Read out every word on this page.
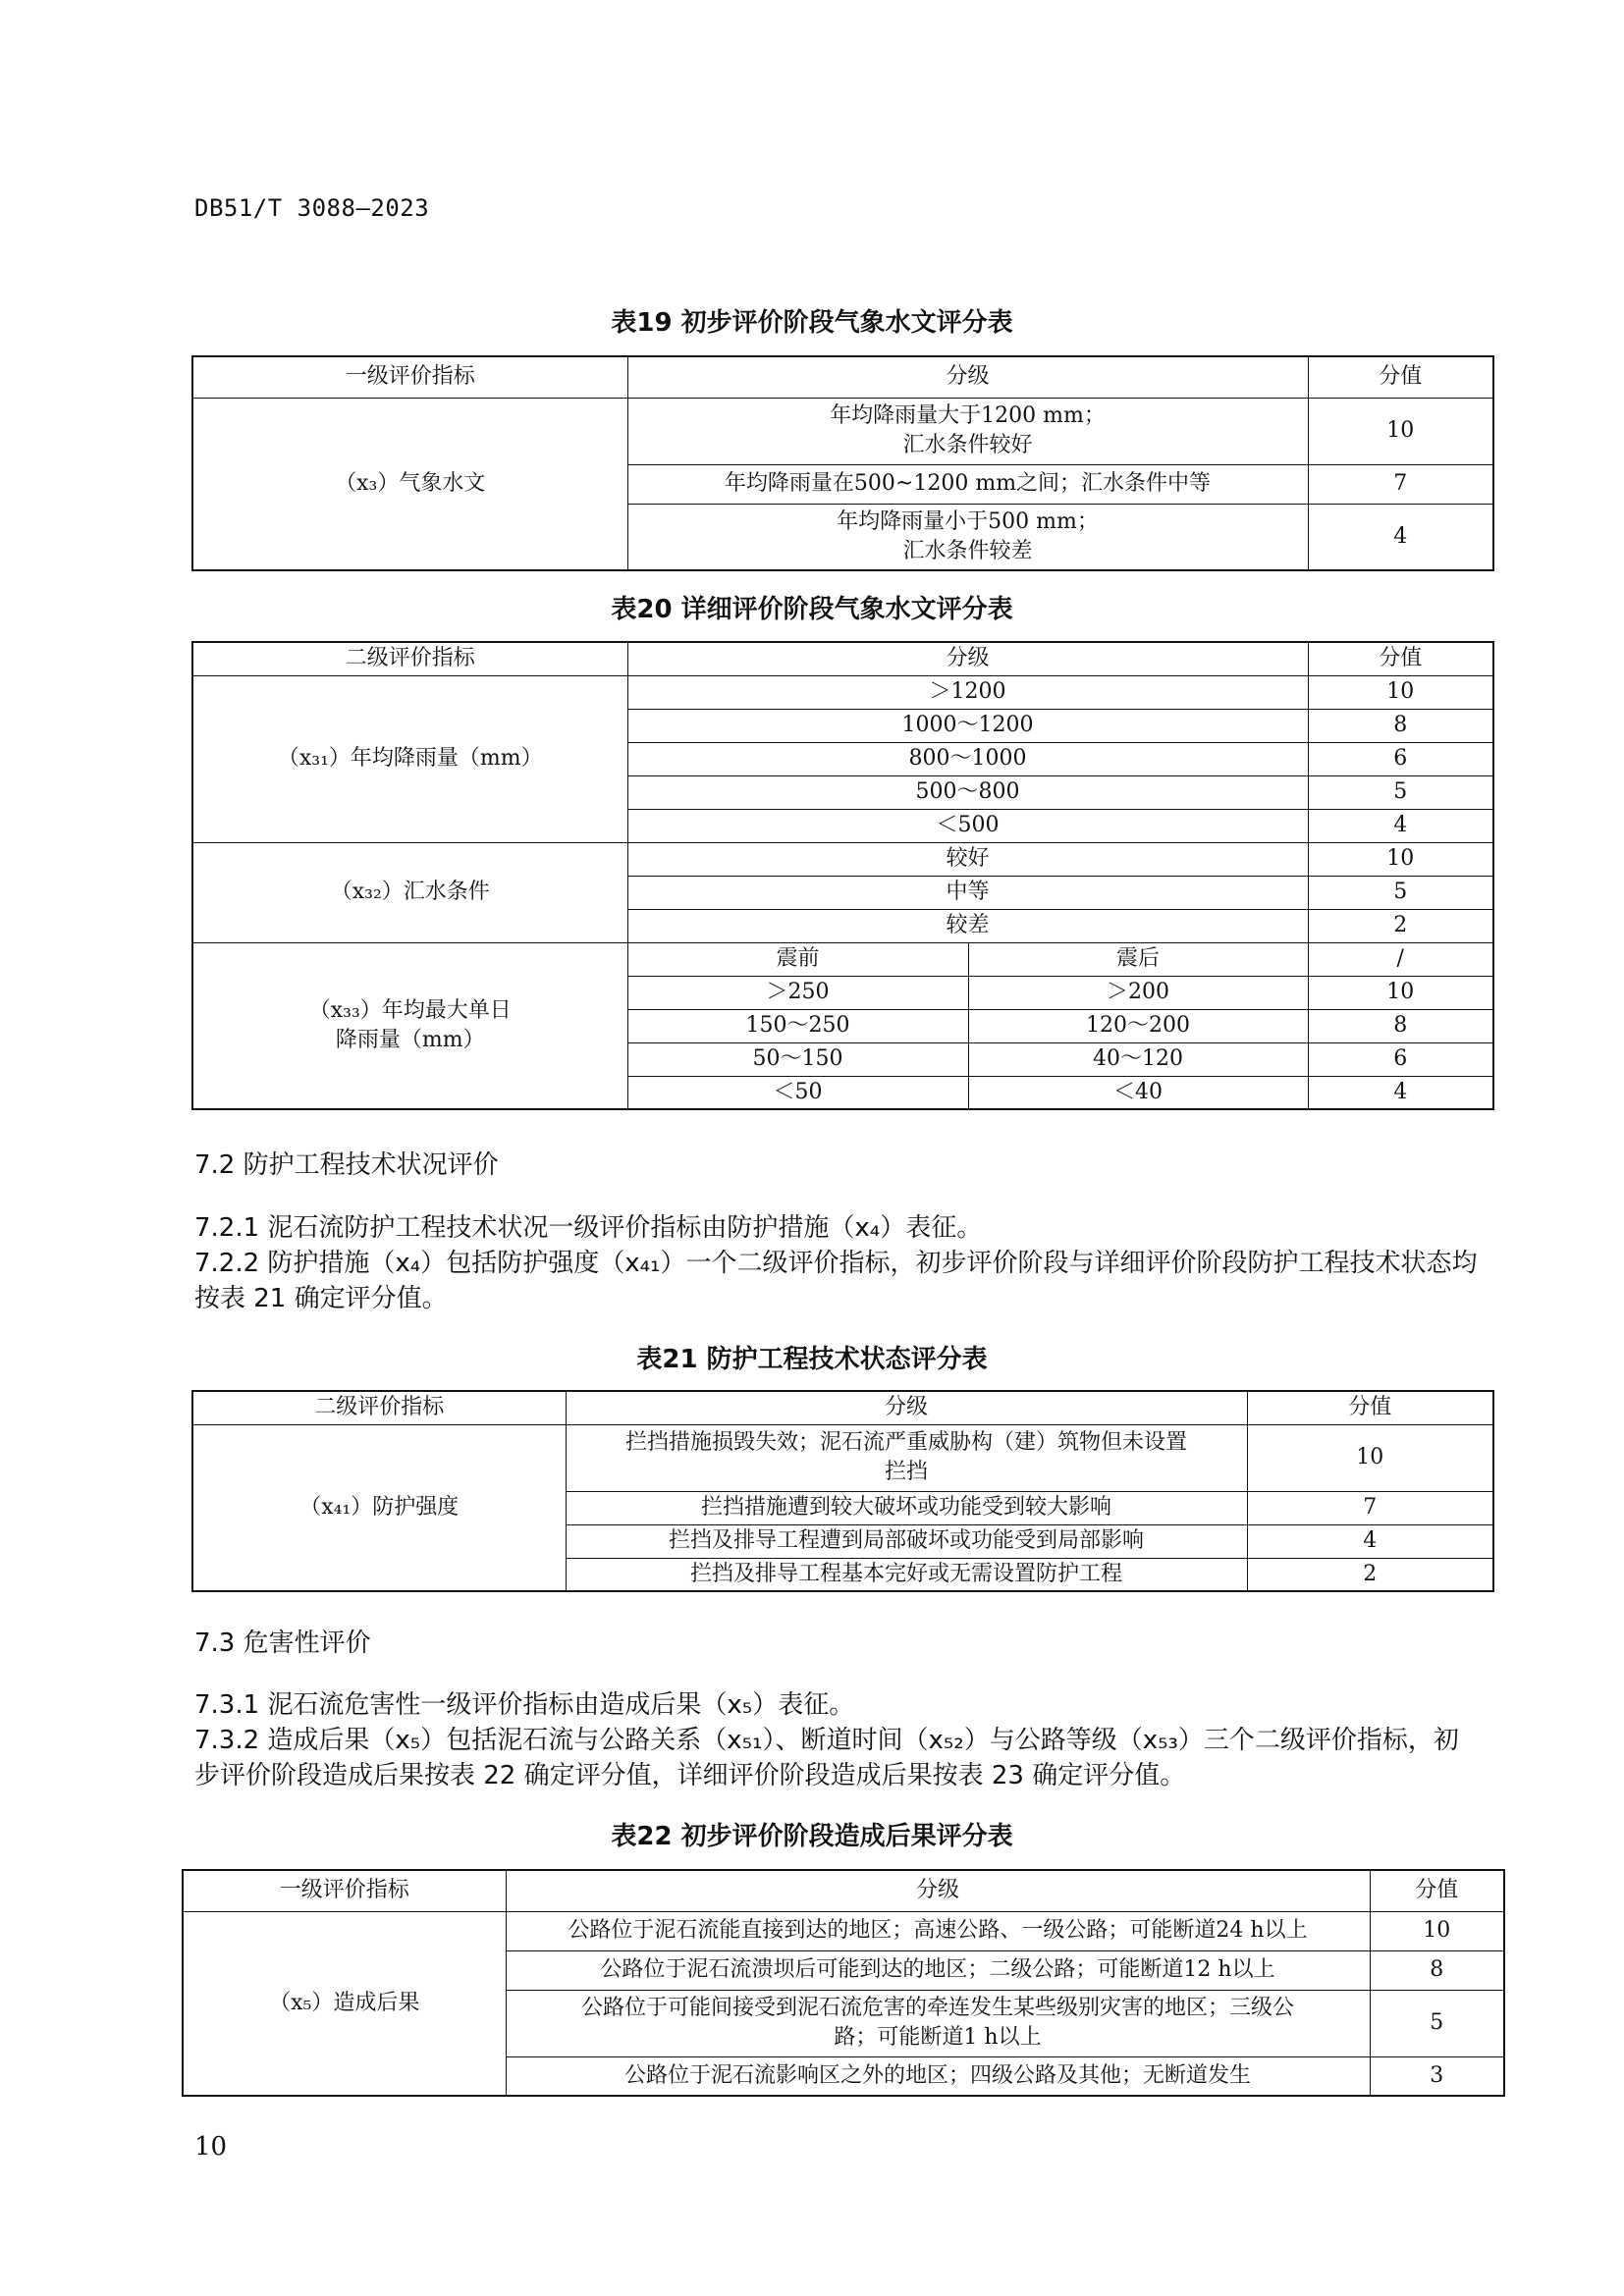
DB51/T 3088—2023
表19 初步评价阶段气象水文评分表
一级评价指标	分级	分值
（x₃）气象水文	年均降雨量大于1200 mm；
汇水条件较好	10
	年均降雨量在500~1200 mm之间；汇水条件中等	7

	年均降雨量小于500 mm；
汇水条件较差	4
表20 详细评价阶段气象水文评分表
二级评价指标	分级		分值
（x₃₁）年均降雨量（mm）	＞1200		10
	1000～1200		8
	800～1000		6
	500～800		5
	＜500		4
（x₃₂）汇水条件	较好		10
	中等		5
	较差		2

（x₃₃）年均最大单日
降雨量（mm）	震前	震后	/
	＞250	＞200	10
	150～250	120～200	8
	50～150	40～120	6
	＜50	＜40	4
7.2 防护工程技术状况评价
7.2.1 泥石流防护工程技术状况一级评价指标由防护措施（x₄）表征。
7.2.2 防护措施（x₄）包括防护强度（x₄₁）一个二级评价指标，初步评价阶段与详细评价阶段防护工程技术状态均按表 21 确定评分值。
表21 防护工程技术状态评分表
二级评价指标	分级	分值
（x₄₁）防护强度	拦挡措施损毁失效；泥石流严重威胁构（建）筑物但未设置
拦挡	10
	拦挡措施遭到较大破坏或功能受到较大影响	7
	拦挡及排导工程遭到局部破坏或功能受到局部影响	4
	拦挡及排导工程基本完好或无需设置防护工程	2
7.3 危害性评价
7.3.1 泥石流危害性一级评价指标由造成后果（x₅）表征。
7.3.2 造成后果（x₅）包括泥石流与公路关系（x₅₁）、断道时间（x₅₂）与公路等级（x₅₃）三个二级评价指标，初步评价阶段造成后果按表 22 确定评分值，详细评价阶段造成后果按表 23 确定评分值。
表22 初步评价阶段造成后果评分表
一级评价指标	分级	分值
（x₅）造成后果	公路位于泥石流能直接到达的地区；高速公路、一级公路；可能断道24 h以上	10
	公路位于泥石流溃坝后可能到达的地区；二级公路；可能断道12 h以上	8

	公路位于可能间接受到泥石流危害的牵连发生某些级别灾害的地区；三级公
路；可能断道1 h以上	5
	公路位于泥石流影响区之外的地区；四级公路及其他；无断道发生	3
10
